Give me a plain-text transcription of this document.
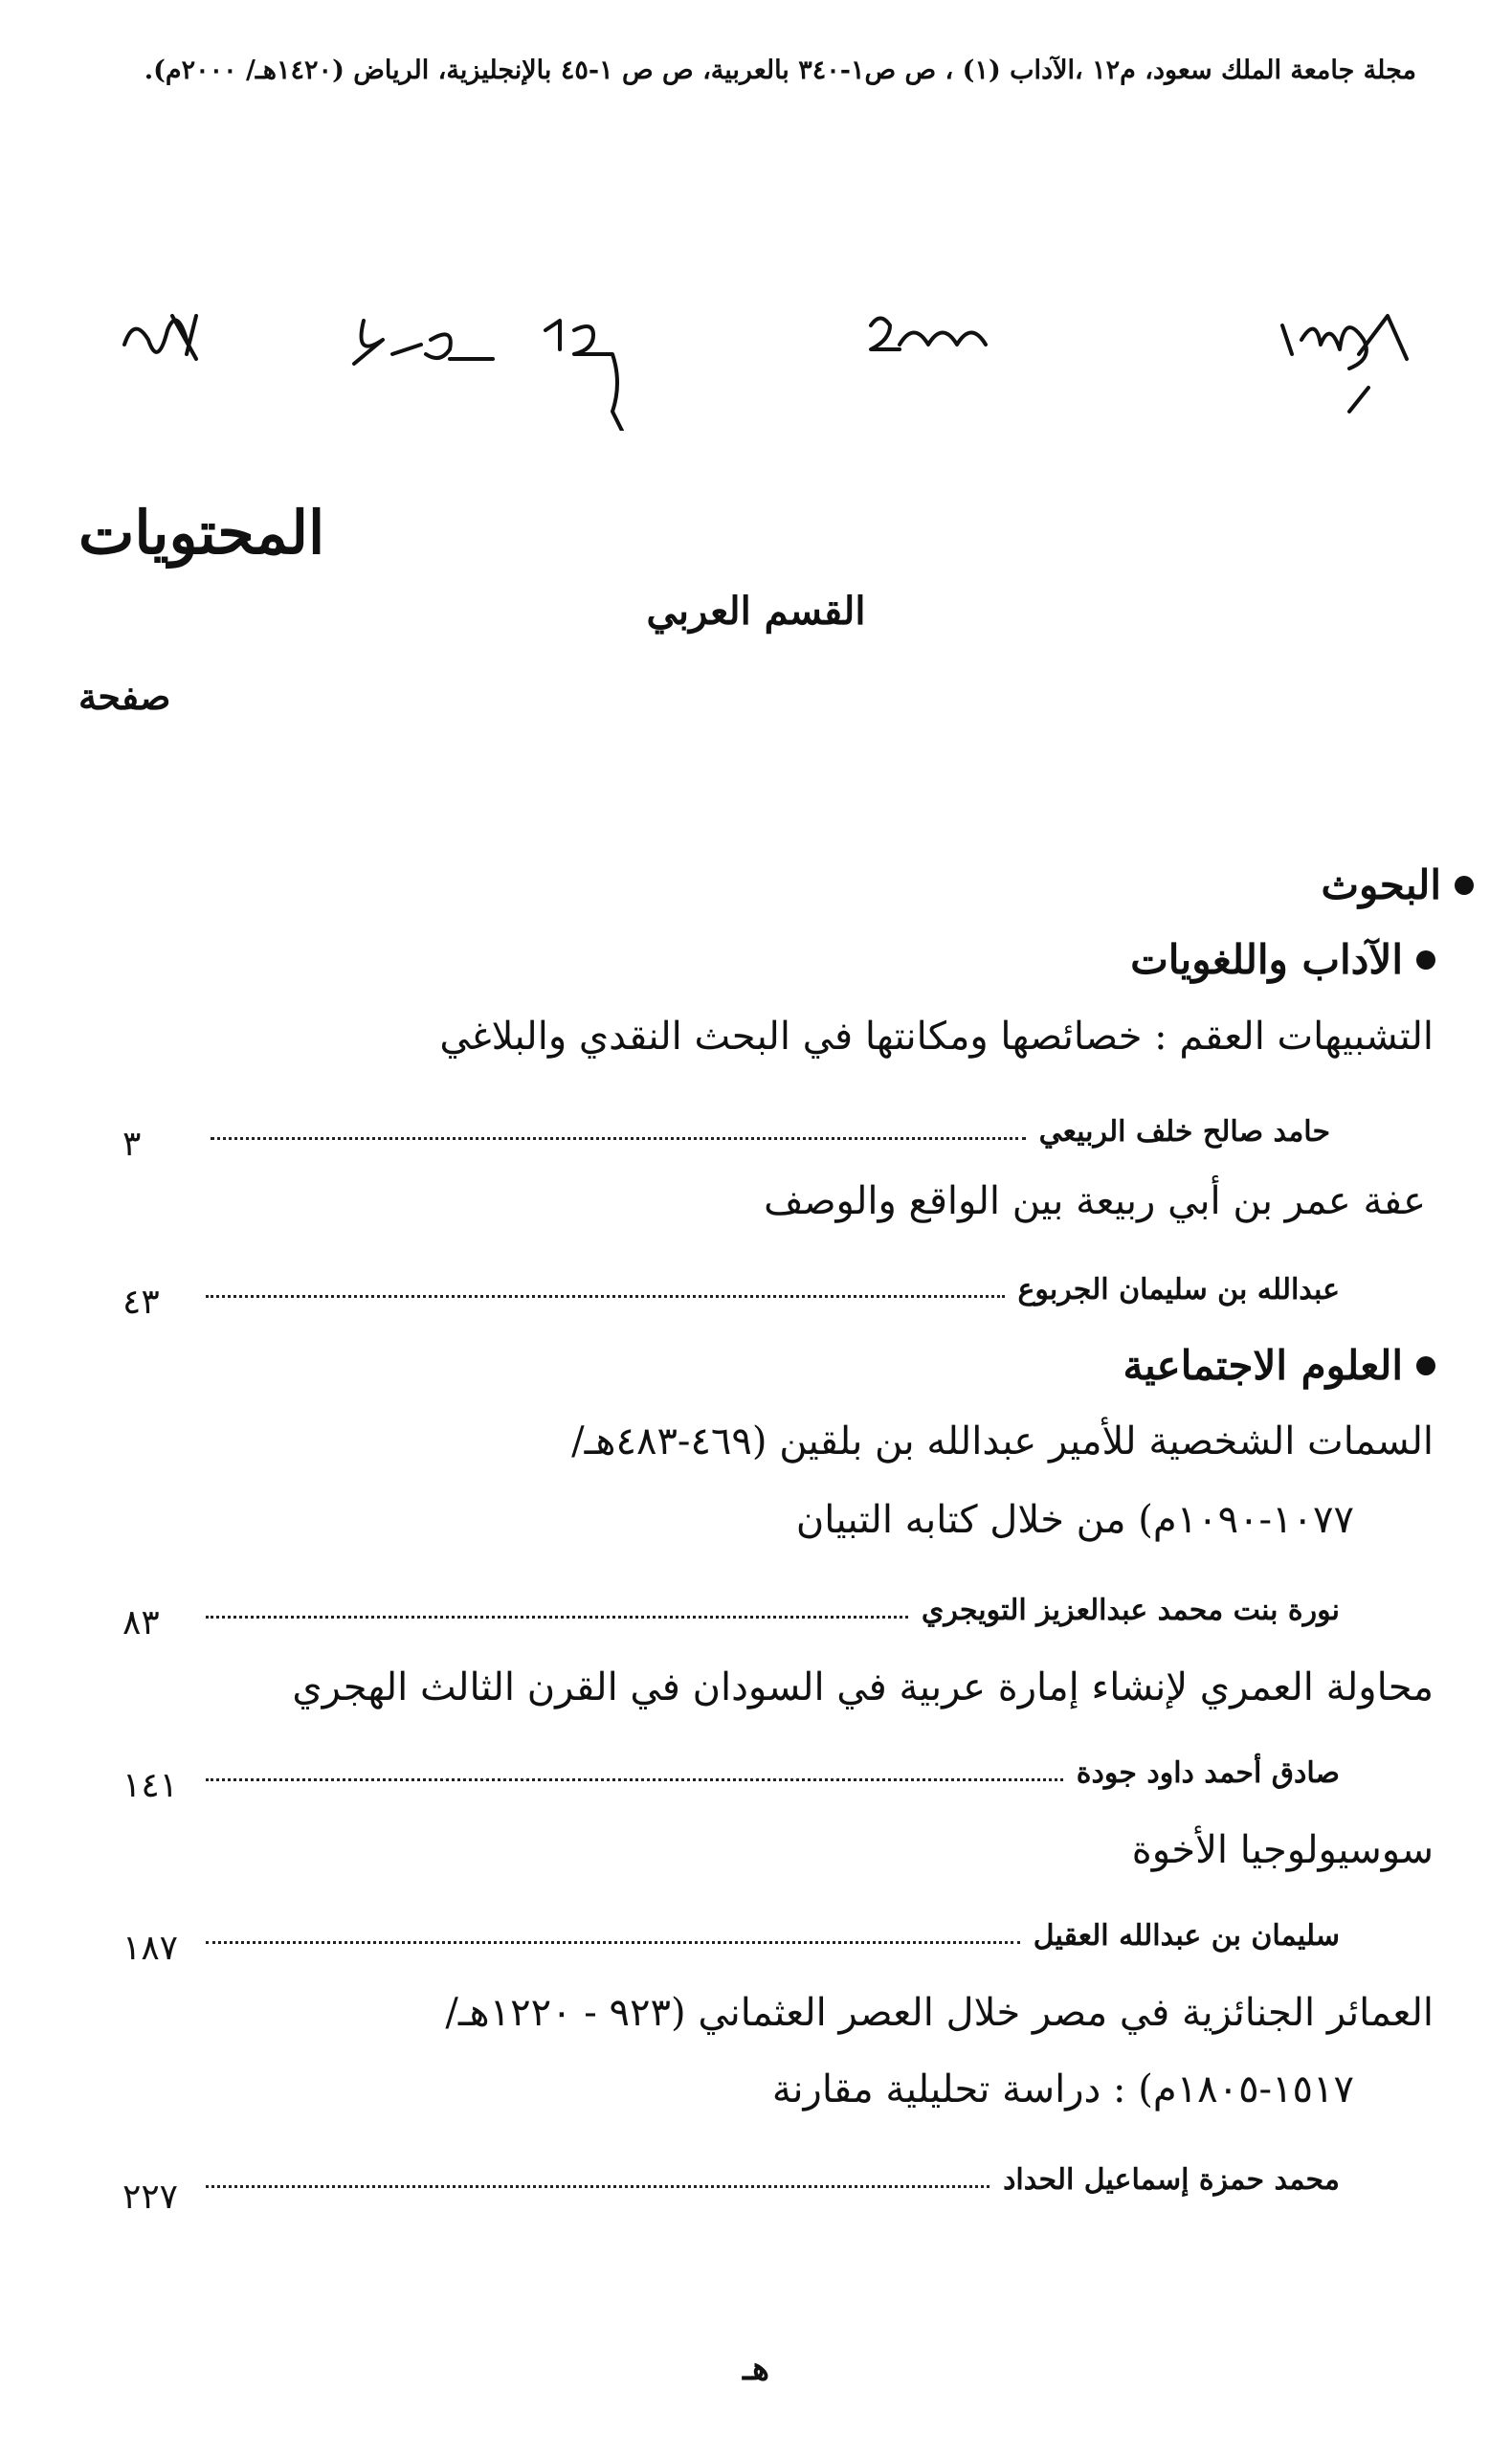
مجلة جامعة الملك سعود، م١٢ ،الآداب (١) ، ص ص١-٣٤٠ بالعربية، ص ص ١-٤٥ بالإنجليزية، الرياض (١٤٢٠هـ/ ٢٠٠٠م).
المحتويات
القسم العربي
صفحة
البحوث
الآداب واللغويات
التشبيهات العقم : خصائصها ومكانتها في البحث النقدي والبلاغي
حامد صالح خلف الربيعي
٣
عفة عمر بن أبي ربيعة بين الواقع والوصف
عبدالله بن سليمان الجربوع
٤٣
العلوم الاجتماعية
السمات الشخصية للأمير عبدالله بن بلقين (٤٦٩-٤٨٣هـ/
١٠٧٧-١٠٩٠م) من خلال كتابه التبيان
نورة بنت محمد عبدالعزيز التويجري
٨٣
محاولة العمري لإنشاء إمارة عربية في السودان في القرن الثالث الهجري
صادق أحمد داود جودة
١٤١
سوسيولوجيا الأخوة
سليمان بن عبدالله العقيل
١٨٧
العمائر الجنائزية في مصر خلال العصر العثماني (٩٢٣ - ١٢٢٠هـ/
١٥١٧-١٨٠٥م) : دراسة تحليلية مقارنة
محمد حمزة إسماعيل الحداد
٢٢٧
هـ
